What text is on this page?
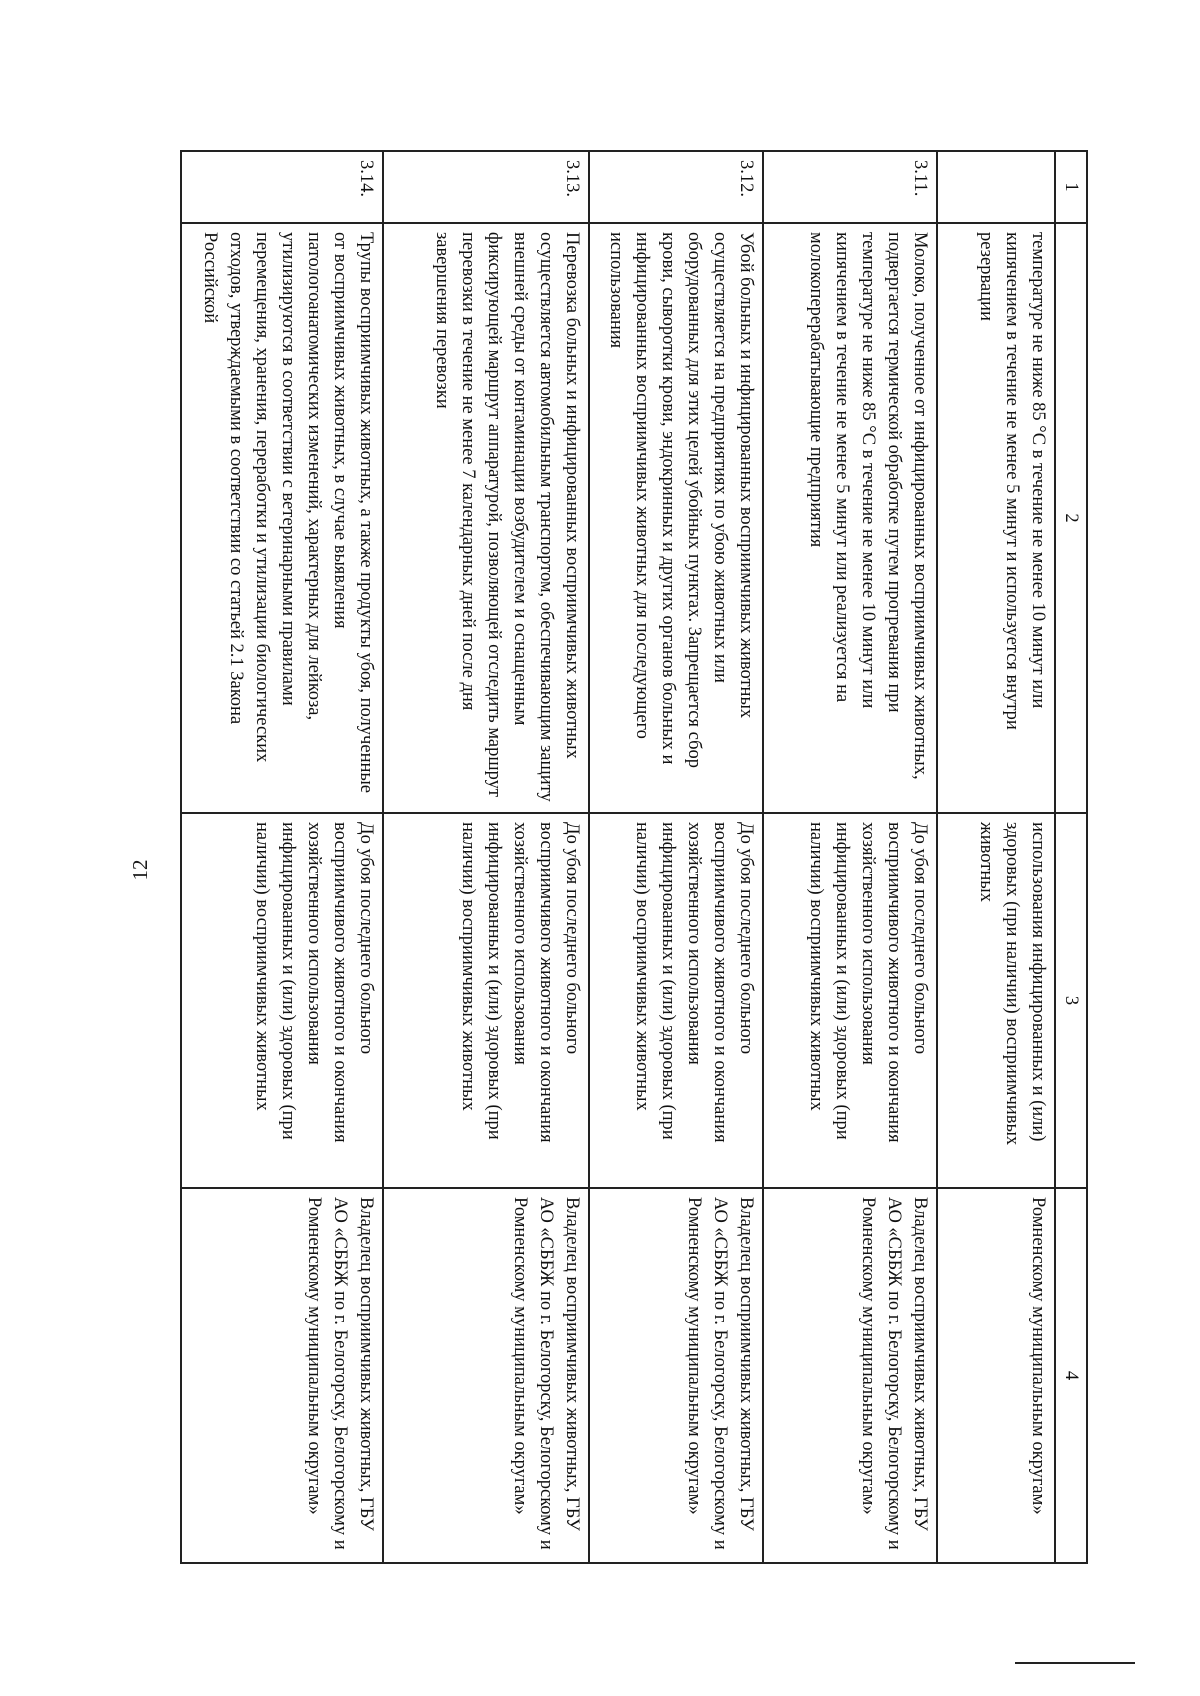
12
1	2	3	4
	температуре не ниже 85 °С в течение не менее 10 минут или кипячением в течение не менее 5 минут и используется внутри резервации	использования инфицированных и (или) здоровых (при наличии) восприимчивых животных	Ромненскому муниципальным округам»
3.11.	Молоко, полученное от инфицированных восприимчивых животных, подвергается термической обработке путем прогревания при температуре не ниже 85 °С в течение не менее 10 минут или кипячением в течение не менее 5 минут или реализуется на молокоперерабатывающие предприятия	До убоя последнего больного восприимчивого животного и окончания хозяйственного использования инфицированных и (или) здоровых (при наличии) восприимчивых животных	Владелец восприимчивых животных, ГБУ АО «СББЖ по г. Белогорску, Белогорскому и Ромненскому муниципальным округам»
3.12.	Убой больных и инфицированных восприимчивых животных осуществляется на предприятиях по убою животных или оборудованных для этих целей убойных пунктах. Запрещается сбор крови, сыворотки крови, эндокринных и других органов больных и инфицированных восприимчивых животных для последующего использования	До убоя последнего больного восприимчивого животного и окончания хозяйственного использования инфицированных и (или) здоровых (при наличии) восприимчивых животных	Владелец восприимчивых животных, ГБУ АО «СББЖ по г. Белогорску, Белогорскому и Ромненскому муниципальным округам»
3.13.	Перевозка больных и инфицированных восприимчивых животных осуществляется автомобильным транспортом, обеспечивающим защиту внешней среды от контаминации возбудителем и оснащенным фиксирующей маршрут аппаратурой, позволяющей отследить маршрут перевозки в течение не менее 7 календарных дней после дня завершения перевозки	До убоя последнего больного восприимчивого животного и окончания хозяйственного использования инфицированных и (или) здоровых (при наличии) восприимчивых животных	Владелец восприимчивых животных, ГБУ АО «СББЖ по г. Белогорску, Белогорскому и Ромненскому муниципальным округам»
3.14.	Трупы восприимчивых животных, а также продукты убоя, полученные от восприимчивых животных, в случае выявления патологоанатомических изменений, характерных для лейкоза, утилизируются в соответствии с ветеринарными правилами перемещения, хранения, переработки и утилизации биологических отходов, утверждаемыми в соответствии со статьей 2.1 Закона Российской	До убоя последнего больного восприимчивого животного и окончания хозяйственного использования инфицированных и (или) здоровых (при наличии) восприимчивых животных	Владелец восприимчивых животных, ГБУ АО «СББЖ по г. Белогорску, Белогорскому и Ромненскому муниципальным округам»
